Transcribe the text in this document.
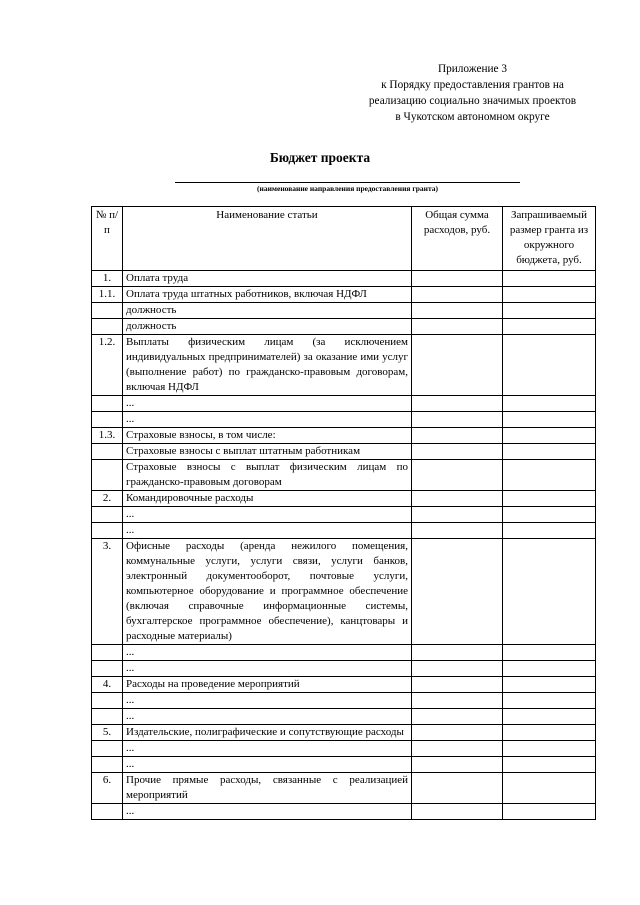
Приложение 3
к Порядку предоставления грантов на
реализацию социально значимых проектов
в Чукотском автономном округе
Бюджет проекта
(наименование направления предоставления гранта)
№ п/п	Наименование статьи	Общая сумма расходов, руб.	Запрашиваемый размер гранта из окружного бюджета, руб.
1.	Оплата труда		
1.1.	Оплата труда штатных работников, включая НДФЛ		
	должность		
	должность		
1.2.	Выплаты физическим лицам (за исключением индивидуальных предпринимателей) за оказание ими услуг (выполнение работ) по гражданско-правовым договорам, включая НДФЛ		
	...		
	...		
1.3.	Страховые взносы, в том числе:		
	Страховые взносы с выплат штатным работникам		
	Страховые взносы с выплат физическим лицам по гражданско-правовым договорам		
2.	Командировочные расходы		
	...		
	...		
3.	Офисные расходы (аренда нежилого помещения, коммунальные услуги, услуги связи, услуги банков, электронный документооборот, почтовые услуги, компьютерное оборудование и программное обеспечение (включая справочные информационные системы, бухгалтерское программное обеспечение), канцтовары и расходные материалы)		
	...		
	...		
4.	Расходы на проведение мероприятий		
	...		
	...		
5.	Издательские, полиграфические и сопутствующие расходы		
	...		
	...		
6.	Прочие прямые расходы, связанные с реализацией мероприятий		
	...		
